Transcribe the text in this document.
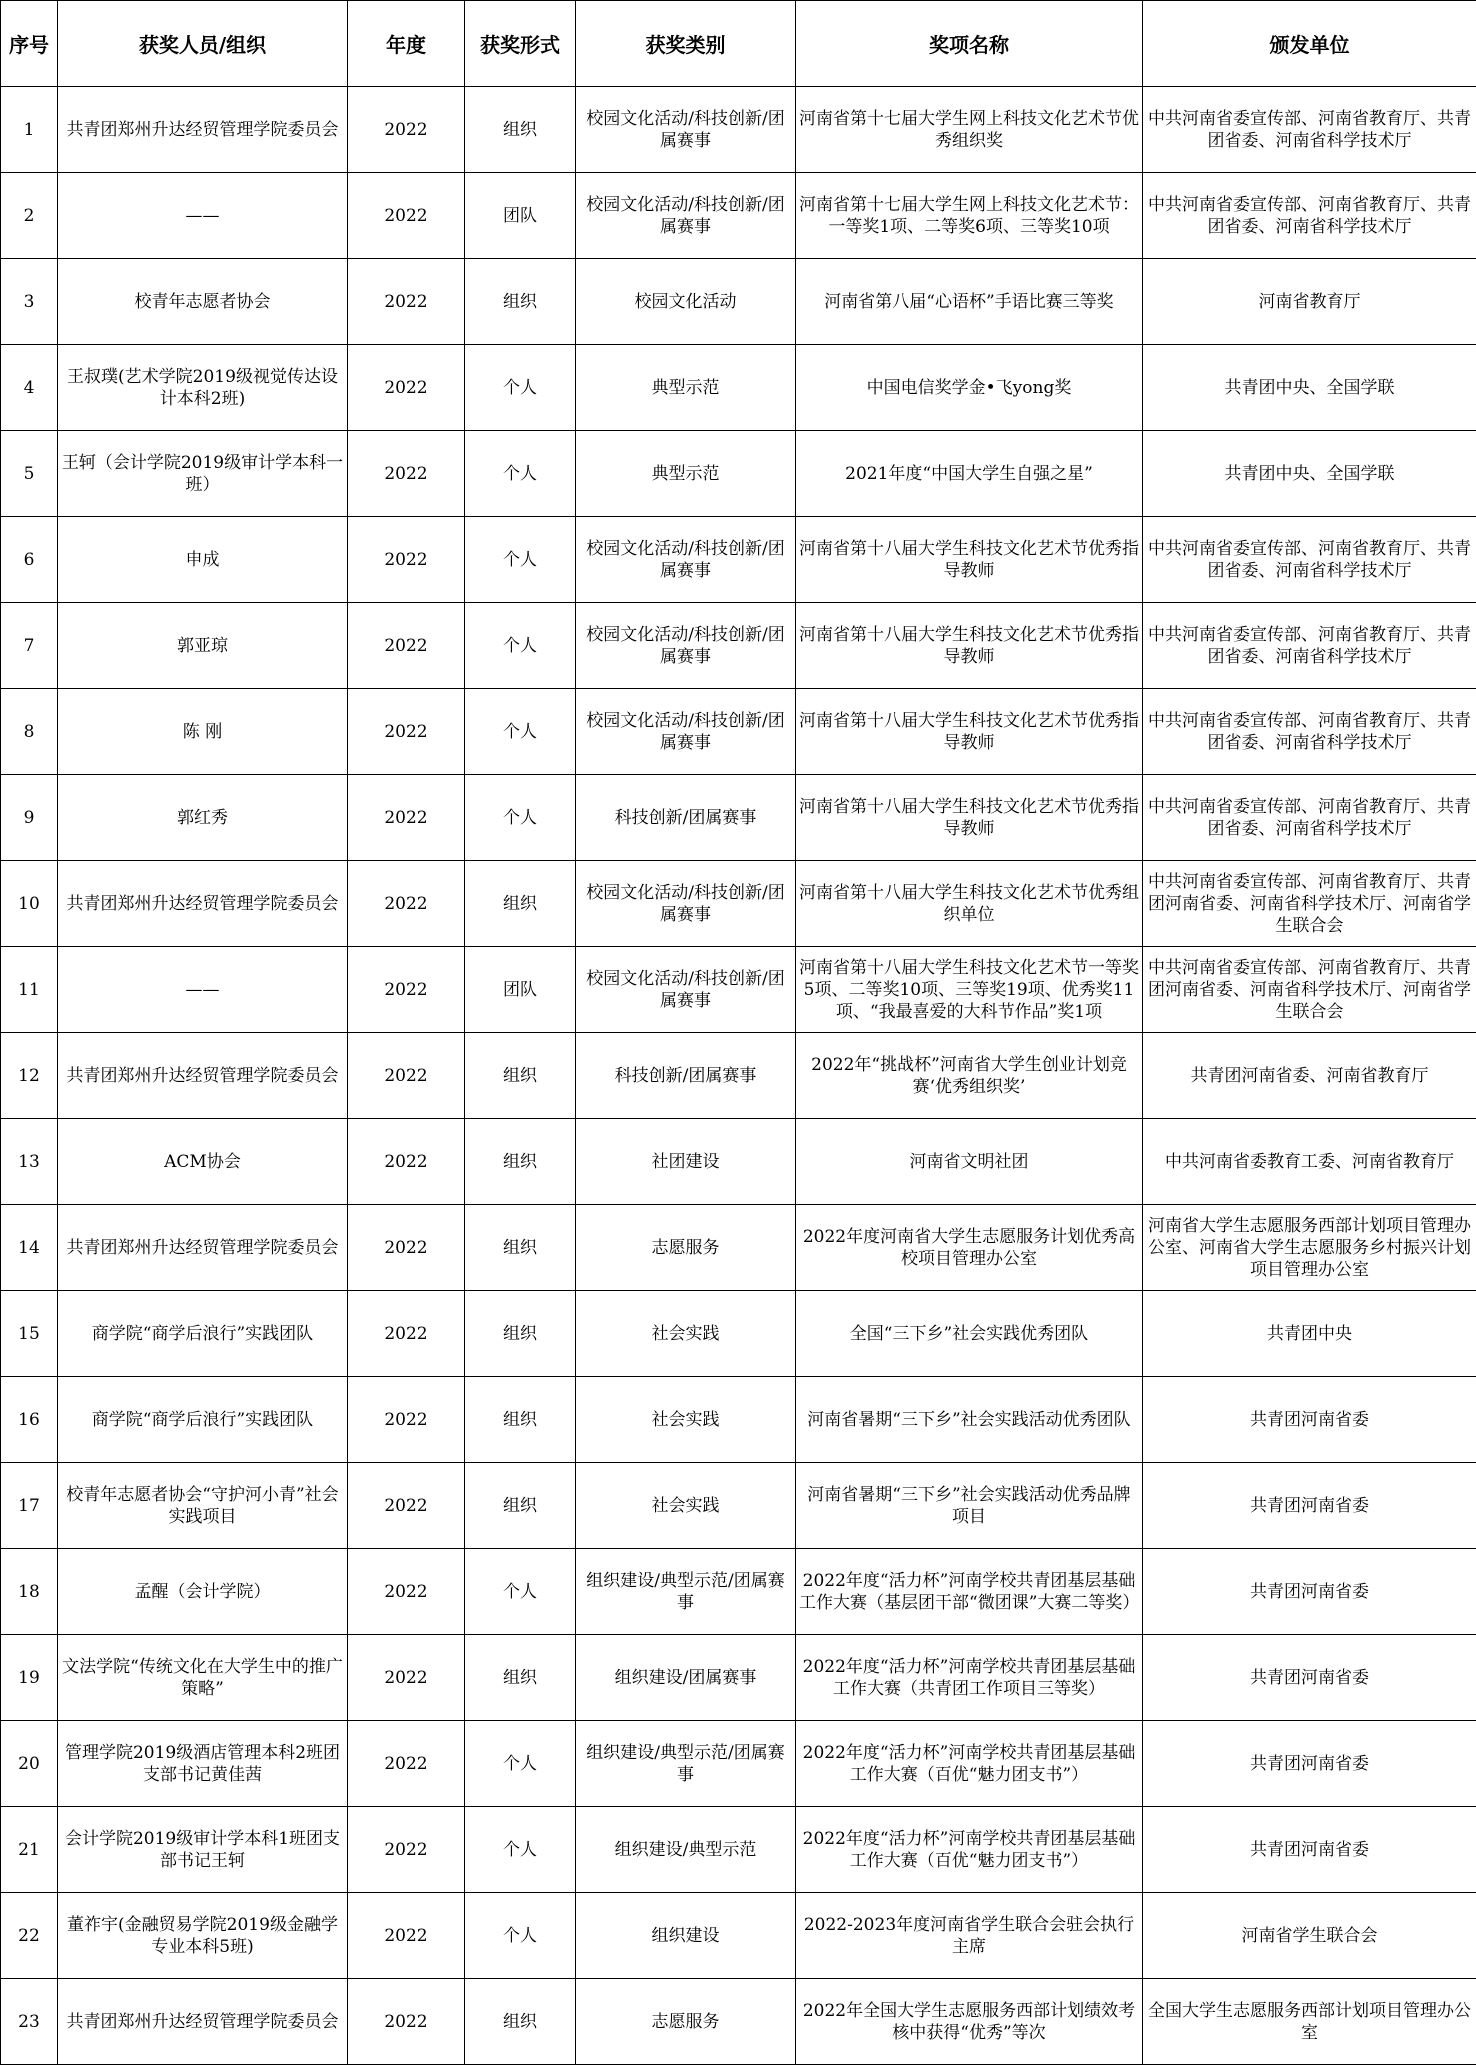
序号	获奖人员/组织	年度	获奖形式	获奖类别	奖项名称	颁发单位
1	共青团郑州升达经贸管理学院委员会	2022	组织	校园文化活动/科技创新/团属赛事	河南省第十七届大学生网上科技文化艺术节优秀组织奖	中共河南省委宣传部、河南省教育厅、共青团省委、河南省科学技术厅
2	——	2022	团队	校园文化活动/科技创新/团属赛事	河南省第十七届大学生网上科技文化艺术节：一等奖1项、二等奖6项、三等奖10项	中共河南省委宣传部、河南省教育厅、共青团省委、河南省科学技术厅
3	校青年志愿者协会	2022	组织	校园文化活动	河南省第八届“心语杯”手语比赛三等奖	河南省教育厅
4	王叔璞(艺术学院2019级视觉传达设计本科2班)	2022	个人	典型示范	中国电信奖学金•飞yong奖	共青团中央、全国学联
5	王轲（会计学院2019级审计学本科一班）	2022	个人	典型示范	2021年度“中国大学生自强之星”	共青团中央、全国学联
6	申成	2022	个人	校园文化活动/科技创新/团属赛事	河南省第十八届大学生科技文化艺术节优秀指导教师	中共河南省委宣传部、河南省教育厅、共青团省委、河南省科学技术厅
7	郭亚琼	2022	个人	校园文化活动/科技创新/团属赛事	河南省第十八届大学生科技文化艺术节优秀指导教师	中共河南省委宣传部、河南省教育厅、共青团省委、河南省科学技术厅
8	陈 刚	2022	个人	校园文化活动/科技创新/团属赛事	河南省第十八届大学生科技文化艺术节优秀指导教师	中共河南省委宣传部、河南省教育厅、共青团省委、河南省科学技术厅
9	郭红秀	2022	个人	科技创新/团属赛事	河南省第十八届大学生科技文化艺术节优秀指导教师	中共河南省委宣传部、河南省教育厅、共青团省委、河南省科学技术厅
10	共青团郑州升达经贸管理学院委员会	2022	组织	校园文化活动/科技创新/团属赛事	河南省第十八届大学生科技文化艺术节优秀组织单位	中共河南省委宣传部、河南省教育厅、共青团河南省委、河南省科学技术厅、河南省学生联合会
11	——	2022	团队	校园文化活动/科技创新/团属赛事	河南省第十八届大学生科技文化艺术节一等奖5项、二等奖10项、三等奖19项、优秀奖11项、“我最喜爱的大科节作品”奖1项	中共河南省委宣传部、河南省教育厅、共青团河南省委、河南省科学技术厅、河南省学生联合会
12	共青团郑州升达经贸管理学院委员会	2022	组织	科技创新/团属赛事	2022年“挑战杯”河南省大学生创业计划竞赛‘优秀组织奖’	共青团河南省委、河南省教育厅
13	ACM协会	2022	组织	社团建设	河南省文明社团	中共河南省委教育工委、河南省教育厅
14	共青团郑州升达经贸管理学院委员会	2022	组织	志愿服务	2022年度河南省大学生志愿服务计划优秀高校项目管理办公室	河南省大学生志愿服务西部计划项目管理办公室、河南省大学生志愿服务乡村振兴计划项目管理办公室
15	商学院“商学后浪行”实践团队	2022	组织	社会实践	全国“三下乡”社会实践优秀团队	共青团中央
16	商学院“商学后浪行”实践团队	2022	组织	社会实践	河南省暑期“三下乡”社会实践活动优秀团队	共青团河南省委
17	校青年志愿者协会“守护河小青”社会实践项目	2022	组织	社会实践	河南省暑期“三下乡”社会实践活动优秀品牌项目	共青团河南省委
18	孟醒（会计学院）	2022	个人	组织建设/典型示范/团属赛事	2022年度“活力杯”河南学校共青团基层基础工作大赛（基层团干部“微团课”大赛二等奖）	共青团河南省委
19	文法学院“传统文化在大学生中的推广策略”	2022	组织	组织建设/团属赛事	2022年度“活力杯”河南学校共青团基层基础工作大赛（共青团工作项目三等奖）	共青团河南省委
20	管理学院2019级酒店管理本科2班团支部书记黄佳茜	2022	个人	组织建设/典型示范/团属赛事	2022年度“活力杯”河南学校共青团基层基础工作大赛（百优“魅力团支书”）	共青团河南省委
21	会计学院2019级审计学本科1班团支部书记王轲	2022	个人	组织建设/典型示范	2022年度“活力杯”河南学校共青团基层基础工作大赛（百优“魅力团支书”）	共青团河南省委
22	董祚宇(金融贸易学院2019级金融学专业本科5班)	2022	个人	组织建设	2022-2023年度河南省学生联合会驻会执行主席	河南省学生联合会
23	共青团郑州升达经贸管理学院委员会	2022	组织	志愿服务	2022年全国大学生志愿服务西部计划绩效考核中获得“优秀”等次	全国大学生志愿服务西部计划项目管理办公室
